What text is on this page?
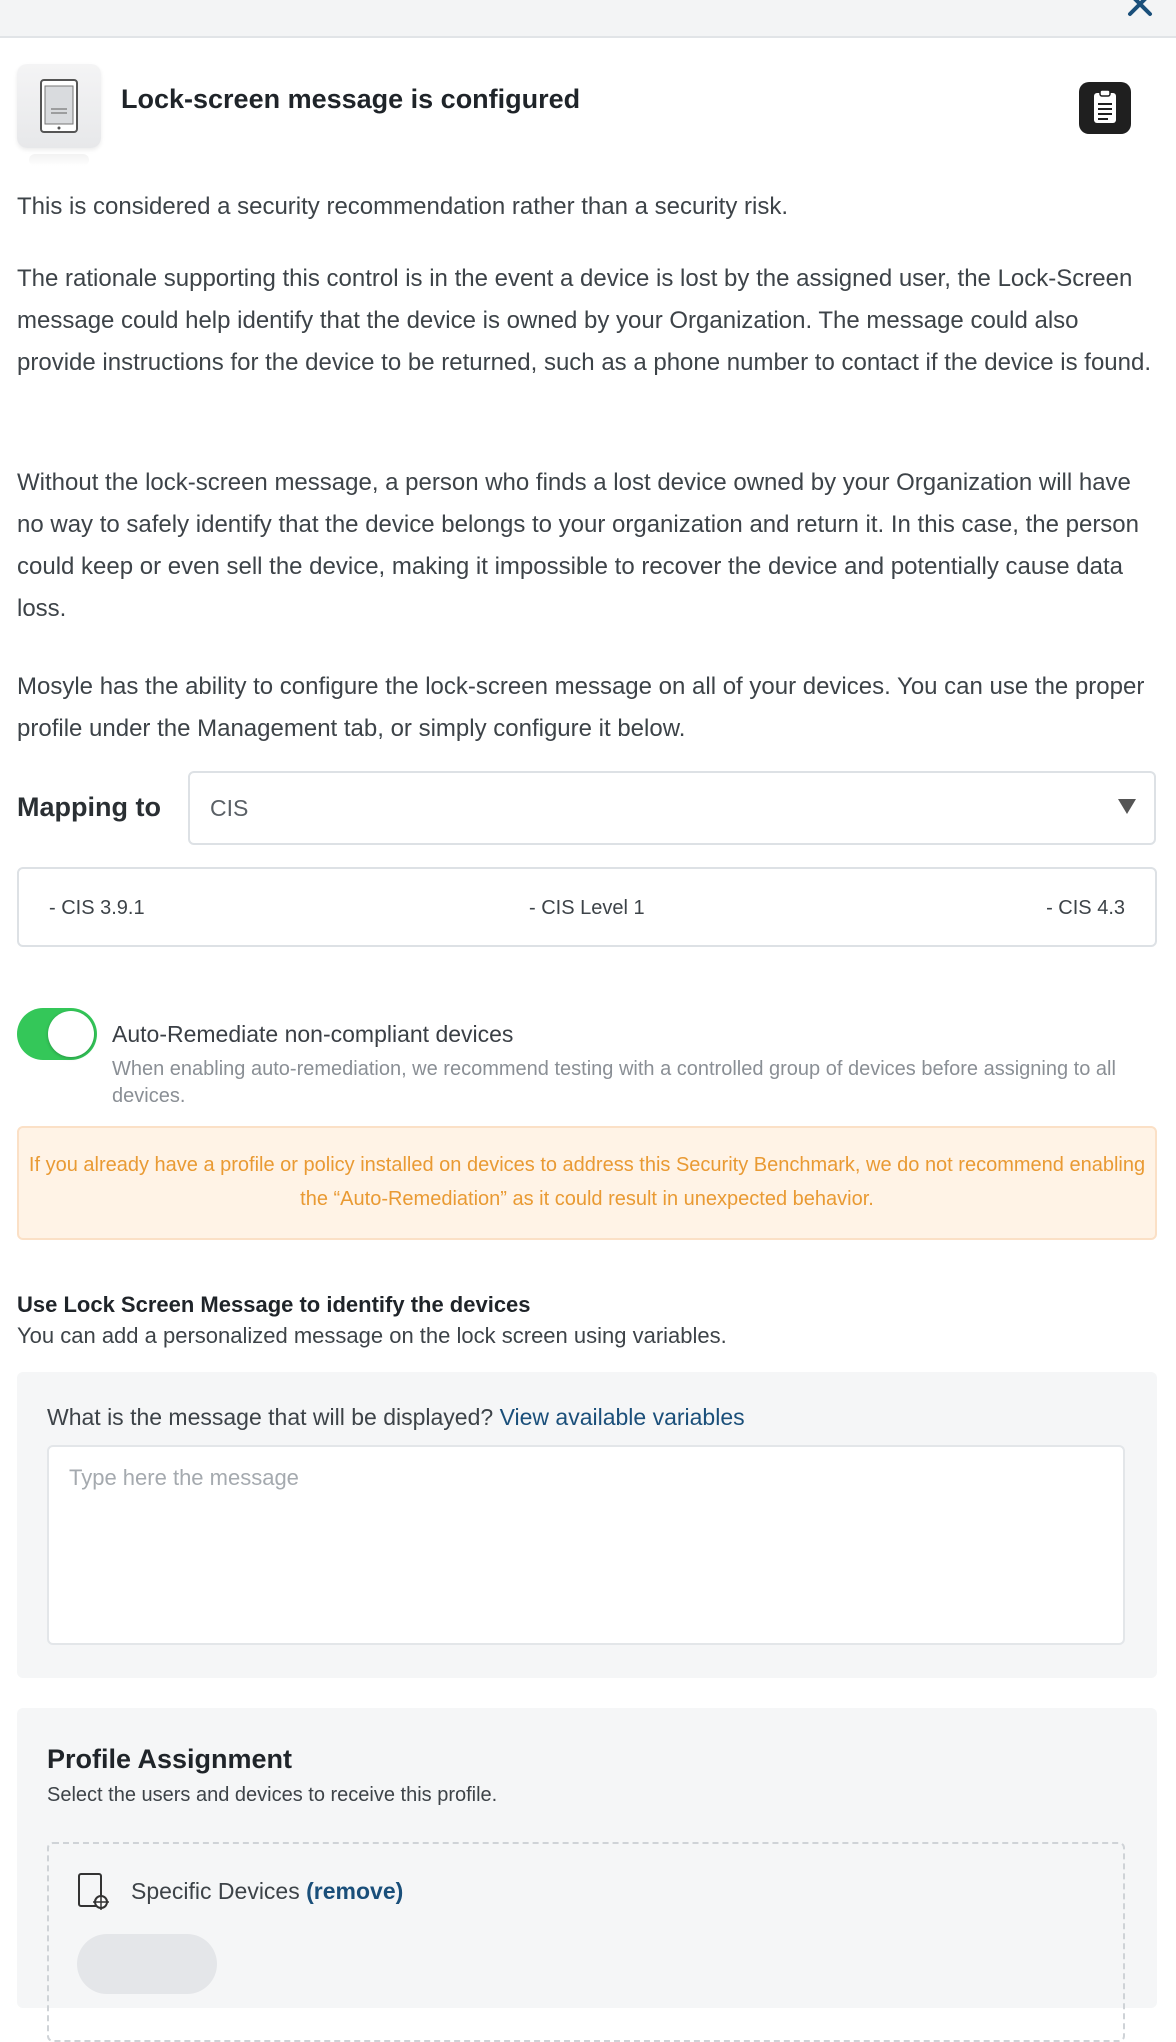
Lock-screen message is configured

This is considered a security recommendation rather than a security risk.

The rationale supporting this control is in the event a device is lost by the assigned user, the Lock-Screen message could help identify that the device is owned by your Organization. The message could also provide instructions for the device to be returned, such as a phone number to contact if the device is found.

Without the lock-screen message, a person who finds a lost device owned by your Organization will have no way to safely identify that the device belongs to your organization and return it. In this case, the person could keep or even sell the device, making it impossible to recover the device and potentially cause data loss.

Mosyle has the ability to configure the lock-screen message on all of your devices. You can use the proper profile under the Management tab, or simply configure it below.

Mapping to CIS
- CIS 3.9.1	- CIS Level 1	- CIS 4.3
Auto-Remediate non-compliant devices
When enabling auto-remediation, we recommend testing with a controlled group of devices before assigning to all devices.
If you already have a profile or policy installed on devices to address this Security Benchmark, we do not recommend enabling the “Auto-Remediation” as it could result in unexpected behavior.
Use Lock Screen Message to identify the devices
You can add a personalized message on the lock screen using variables.
What is the message that will be displayed? View available variables
Type here the message
Profile Assignment
Select the users and devices to receive this profile.
Specific Devices (remove)
